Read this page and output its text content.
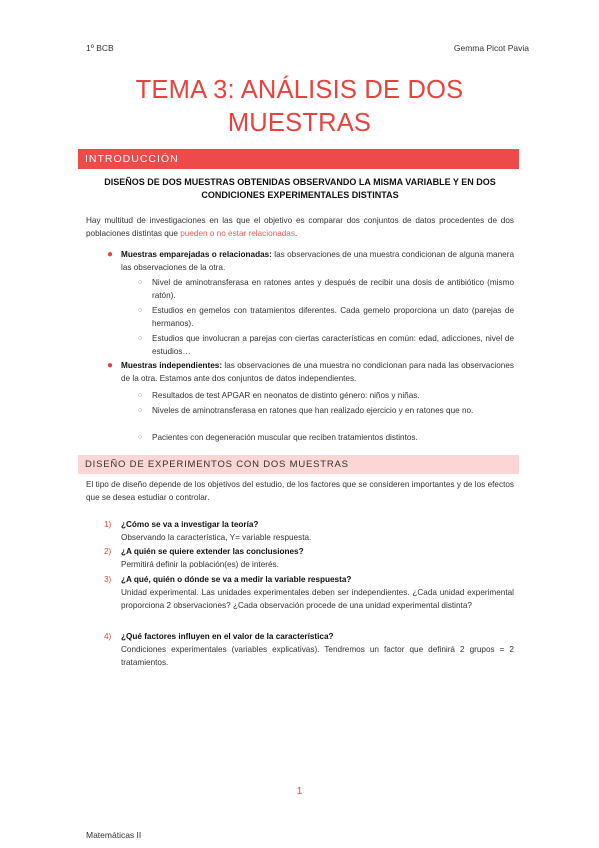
1º BCB	Gemma Picot Pavia
TEMA 3: ANÁLISIS DE DOS
MUESTRAS
INTRODUCCIÓN
DISEÑOS DE DOS MUESTRAS OBTENIDAS OBSERVANDO LA MISMA VARIABLE Y EN DOS CONDICIONES EXPERIMENTALES DISTINTAS
Hay multitud de investigaciones en las que el objetivo es comparar dos conjuntos de datos procedentes de dos poblaciones distintas que pueden o no estar relacionadas.
● Muestras emparejadas o relacionadas: las observaciones de una muestra condicionan de alguna manera las observaciones de la otra.
○ Nivel de aminotransferasa en ratones antes y después de recibir una dosis de antibiótico (mismo ratón).
○ Estudios en gemelos con tratamientos diferentes. Cada gemelo proporciona un dato (parejas de hermanos).
○ Estudios que involucran a parejas con ciertas características en común: edad, adicciones, nivel de estudios…
● Muestras independientes: las observaciones de una muestra no condicionan para nada las observaciones de la otra. Estamos ante dos conjuntos de datos independientes.
○ Resultados de test APGAR en neonatos de distinto género: niños y niñas.
○ Niveles de aminotransferasa en ratones que han realizado ejercicio y en ratones que no.
○ Pacientes con degeneración muscular que reciben tratamientos distintos.
DISEÑO DE EXPERIMENTOS CON DOS MUESTRAS
El tipo de diseño depende de los objetivos del estudio, de los factores que se consideren importantes y de los efectos que se desea estudiar o controlar.
1) ¿Cómo se va a investigar la teoría?
Observando la característica, Y= variable respuesta.
2) ¿A quién se quiere extender las conclusiones?
Permitirá definir la población(es) de interés.
3) ¿A qué, quién o dónde se va a medir la variable respuesta?
Unidad experimental. Las unidades experimentales deben ser independientes. ¿Cada unidad experimental proporciona 2 observaciones? ¿Cada observación procede de una unidad experimental distinta?
4) ¿Qué factores influyen en el valor de la característica?
Condiciones experimentales (variables explicativas). Tendremos un factor que definirá 2 grupos = 2 tratamientos.
1
Matemáticas II
